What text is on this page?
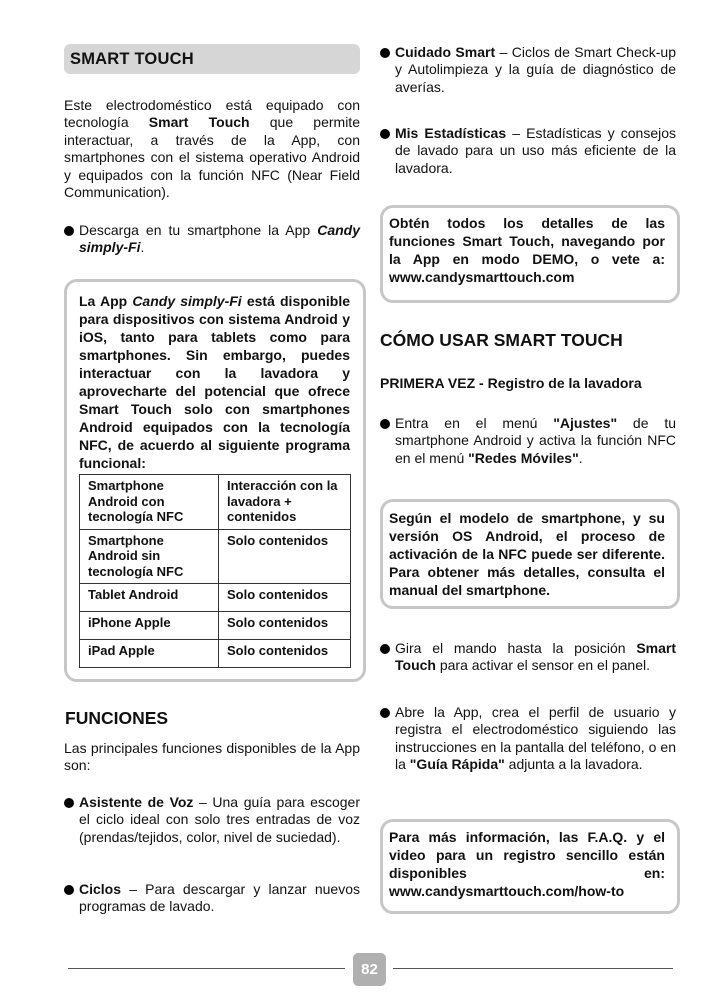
SMART TOUCH
Este electrodoméstico está equipado con tecnología Smart Touch que permite interactuar, a través de la App, con smartphones con el sistema operativo Android y equipados con la función NFC (Near Field Communication).
Descarga en tu smartphone la App Candy simply-Fi.
La App Candy simply-Fi está disponible para dispositivos con sistema Android y iOS, tanto para tablets como para smartphones. Sin embargo, puedes interactuar con la lavadora y aprovecharte del potencial que ofrece Smart Touch solo con smartphones Android equipados con la tecnología NFC, de acuerdo al siguiente programa funcional:
Smartphone Android con tecnología NFC	Interacción con la lavadora + contenidos
Smartphone Android sin tecnología NFC	Solo contenidos
Tablet Android	Solo contenidos
iPhone Apple	Solo contenidos
iPad Apple	Solo contenidos
FUNCIONES
Las principales funciones disponibles de la App son:
Asistente de Voz – Una guía para escoger el ciclo ideal con solo tres entradas de voz (prendas/tejidos, color, nivel de suciedad).
Ciclos – Para descargar y lanzar nuevos programas de lavado.
Cuidado Smart – Ciclos de Smart Check-up y Autolimpieza y la guía de diagnóstico de averías.
Mis Estadísticas – Estadísticas y consejos de lavado para un uso más eficiente de la lavadora.
Obtén todos los detalles de las funciones Smart Touch, navegando por la App en modo DEMO, o vete a: www.candysmarttouch.com
CÓMO USAR SMART TOUCH
PRIMERA VEZ - Registro de la lavadora
Entra en el menú "Ajustes" de tu smartphone Android y activa la función NFC en el menú "Redes Móviles".
Según el modelo de smartphone, y su versión OS Android, el proceso de activación de la NFC puede ser diferente. Para obtener más detalles, consulta el manual del smartphone.
Gira el mando hasta la posición Smart Touch para activar el sensor en el panel.
Abre la App, crea el perfil de usuario y registra el electrodoméstico siguiendo las instrucciones en la pantalla del teléfono, o en la "Guía Rápida" adjunta a la lavadora.
Para más información, las F.A.Q. y el video para un registro sencillo están disponibles en: www.candysmarttouch.com/how-to
82
